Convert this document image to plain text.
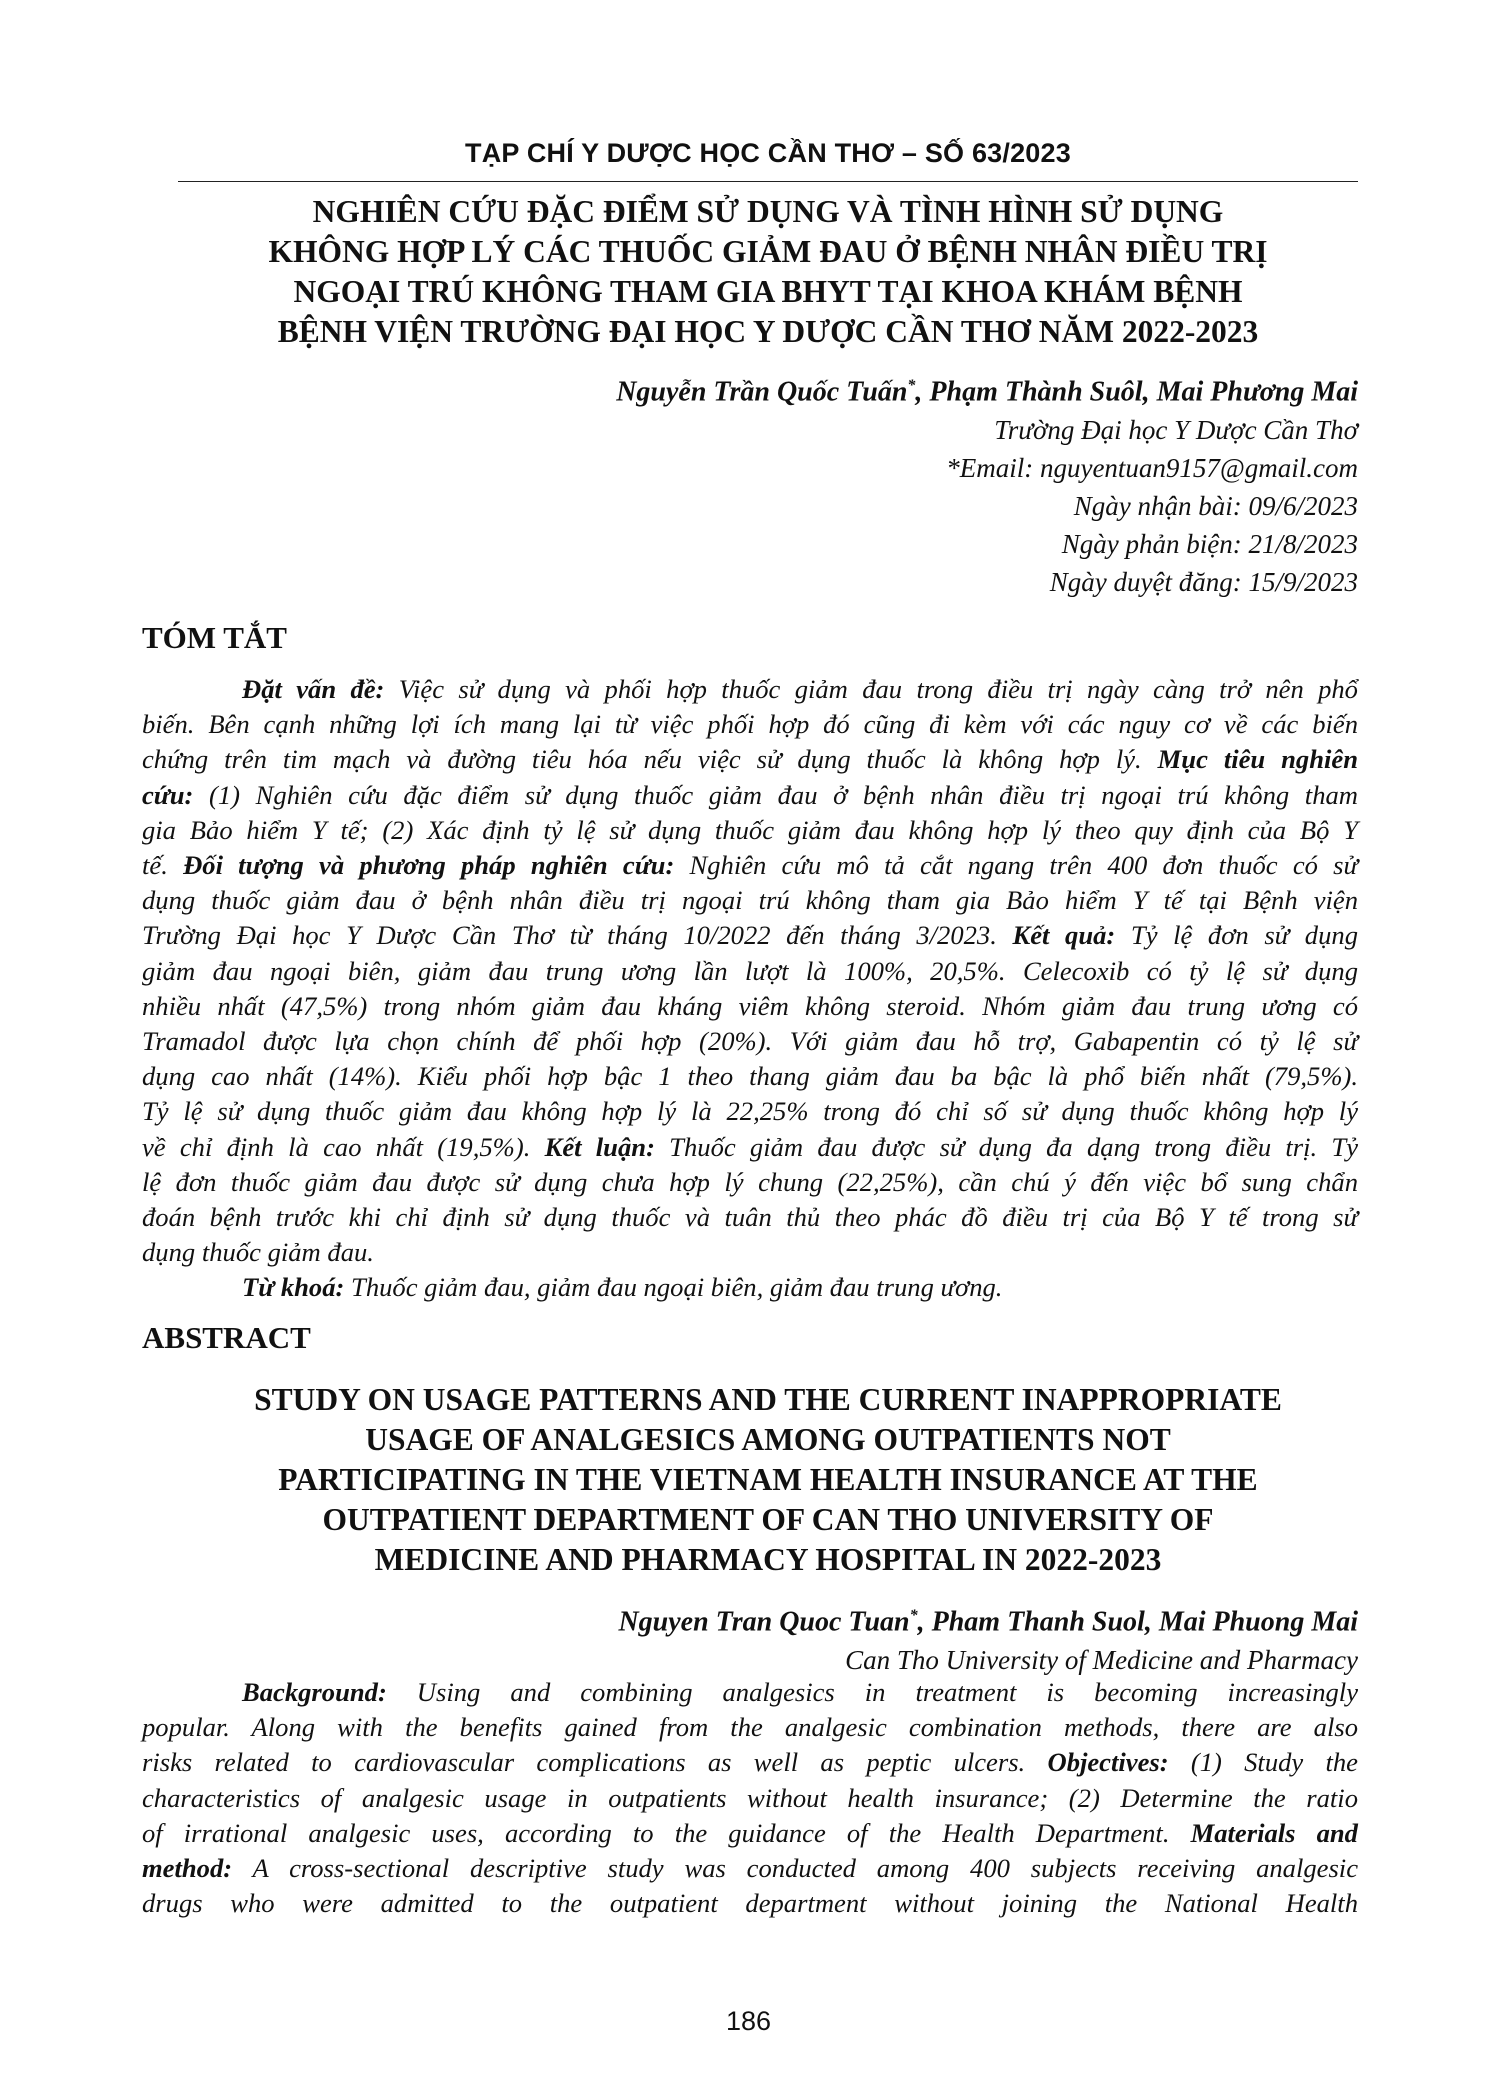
TẠP CHÍ Y DƯỢC HỌC CẦN THƠ – SỐ 63/2023
NGHIÊN CỨU ĐẶC ĐIỂM SỬ DỤNG VÀ TÌNH HÌNH SỬ DỤNG
KHÔNG HỢP LÝ CÁC THUỐC GIẢM ĐAU Ở BỆNH NHÂN ĐIỀU TRỊ
NGOẠI TRÚ KHÔNG THAM GIA BHYT TẠI KHOA KHÁM BỆNH
BỆNH VIỆN TRƯỜNG ĐẠI HỌC Y DƯỢC CẦN THƠ NĂM 2022-2023
Nguyễn Trần Quốc Tuấn*, Phạm Thành Suôl, Mai Phương Mai
Trường Đại học Y Dược Cần Thơ
*Email: nguyentuan9157@gmail.com
Ngày nhận bài: 09/6/2023
Ngày phản biện: 21/8/2023
Ngày duyệt đăng: 15/9/2023
TÓM TẮT
Đặt vấn đề: Việc sử dụng và phối hợp thuốc giảm đau trong điều trị ngày càng trở nên phổ
biến. Bên cạnh những lợi ích mang lại từ việc phối hợp đó cũng đi kèm với các nguy cơ về các biến
chứng trên tim mạch và đường tiêu hóa nếu việc sử dụng thuốc là không hợp lý. Mục tiêu nghiên
cứu: (1) Nghiên cứu đặc điểm sử dụng thuốc giảm đau ở bệnh nhân điều trị ngoại trú không tham
gia Bảo hiểm Y tế; (2) Xác định tỷ lệ sử dụng thuốc giảm đau không hợp lý theo quy định của Bộ Y
tế. Đối tượng và phương pháp nghiên cứu: Nghiên cứu mô tả cắt ngang trên 400 đơn thuốc có sử
dụng thuốc giảm đau ở bệnh nhân điều trị ngoại trú không tham gia Bảo hiểm Y tế tại Bệnh viện
Trường Đại học Y Dược Cần Thơ từ tháng 10/2022 đến tháng 3/2023. Kết quả: Tỷ lệ đơn sử dụng
giảm đau ngoại biên, giảm đau trung ương lần lượt là 100%, 20,5%. Celecoxib có tỷ lệ sử dụng
nhiều nhất (47,5%) trong nhóm giảm đau kháng viêm không steroid. Nhóm giảm đau trung ương có
Tramadol được lựa chọn chính để phối hợp (20%). Với giảm đau hỗ trợ, Gabapentin có tỷ lệ sử
dụng cao nhất (14%). Kiểu phối hợp bậc 1 theo thang giảm đau ba bậc là phổ biến nhất (79,5%).
Tỷ lệ sử dụng thuốc giảm đau không hợp lý là 22,25% trong đó chỉ số sử dụng thuốc không hợp lý
về chỉ định là cao nhất (19,5%). Kết luận: Thuốc giảm đau được sử dụng đa dạng trong điều trị. Tỷ
lệ đơn thuốc giảm đau được sử dụng chưa hợp lý chung (22,25%), cần chú ý đến việc bổ sung chẩn
đoán bệnh trước khi chỉ định sử dụng thuốc và tuân thủ theo phác đồ điều trị của Bộ Y tế trong sử
dụng thuốc giảm đau.
Từ khoá: Thuốc giảm đau, giảm đau ngoại biên, giảm đau trung ương.
ABSTRACT
STUDY ON USAGE PATTERNS AND THE CURRENT INAPPROPRIATE
USAGE OF ANALGESICS AMONG OUTPATIENTS NOT
PARTICIPATING IN THE VIETNAM HEALTH INSURANCE AT THE
OUTPATIENT DEPARTMENT OF CAN THO UNIVERSITY OF
MEDICINE AND PHARMACY HOSPITAL IN 2022-2023
Nguyen Tran Quoc Tuan*, Pham Thanh Suol, Mai Phuong Mai
Can Tho University of Medicine and Pharmacy
Background: Using and combining analgesics in treatment is becoming increasingly
popular. Along with the benefits gained from the analgesic combination methods, there are also
risks related to cardiovascular complications as well as peptic ulcers. Objectives: (1) Study the
characteristics of analgesic usage in outpatients without health insurance; (2) Determine the ratio
of irrational analgesic uses, according to the guidance of the Health Department. Materials and
method: A cross-sectional descriptive study was conducted among 400 subjects receiving analgesic
drugs who were admitted to the outpatient department without joining the National Health
186
